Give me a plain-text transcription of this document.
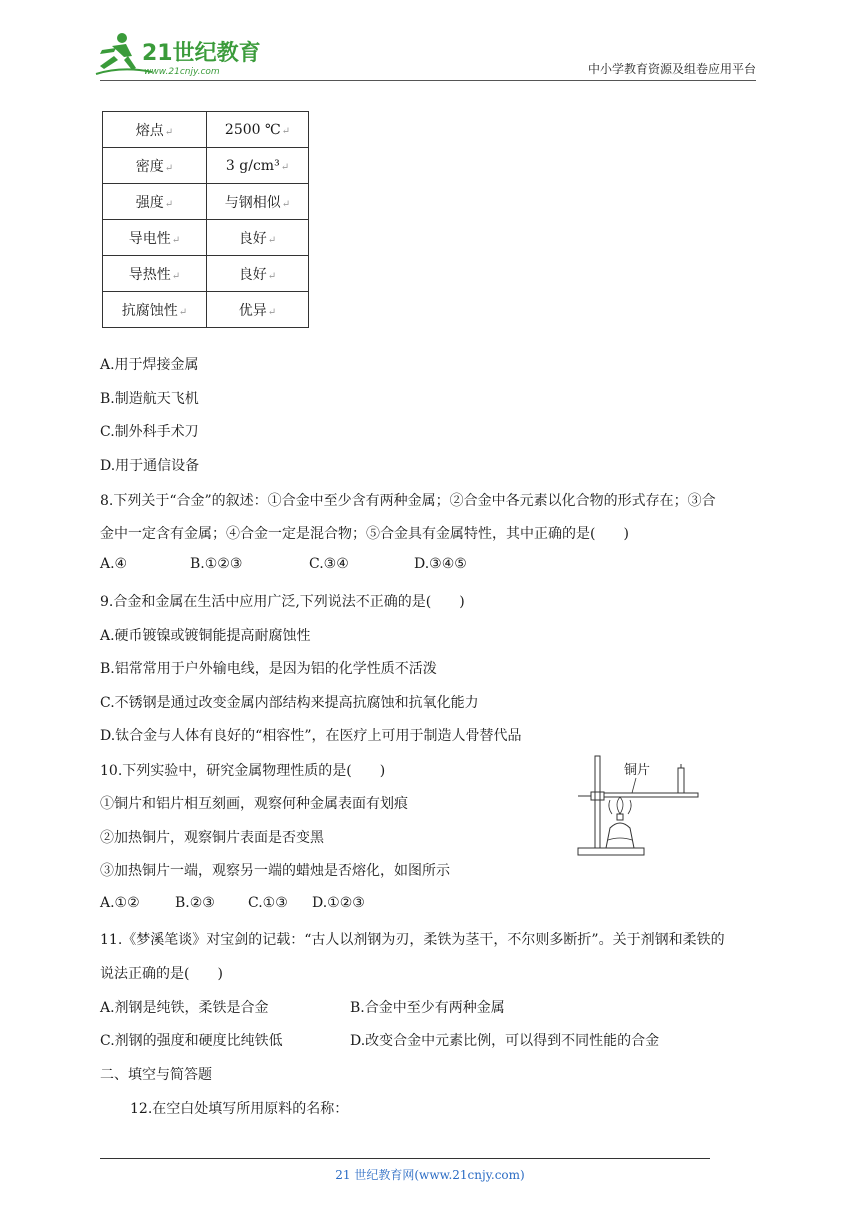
21世纪教育
www.21cnjy.com	中小学教育资源及组卷应用平台
熔点↵	2500 ℃↵
密度↵	3 g/cm³↵
强度↵	与钢相似↵
导电性↵	良好↵
导热性↵	良好↵
抗腐蚀性↵	优异↵
A.用于焊接金属
B.制造航天飞机
C.制外科手术刀
D.用于通信设备
8.下列关于“合金”的叙述：①合金中至少含有两种金属；②合金中各元素以化合物的形式存在；③合
金中一定含有金属；④合金一定是混合物；⑤合金具有金属特性，其中正确的是(　　)
A.④	B.①②③	C.③④	D.③④⑤
9.合金和金属在生活中应用广泛,下列说法不正确的是(　　)
A.硬币镀镍或镀铜能提高耐腐蚀性
B.铝常常用于户外输电线，是因为铝的化学性质不活泼
C.不锈钢是通过改变金属内部结构来提高抗腐蚀和抗氧化能力
D.钛合金与人体有良好的“相容性”，在医疗上可用于制造人骨替代品
10.下列实验中，研究金属物理性质的是(　　)
①铜片和铝片相互刻画，观察何种金属表面有划痕
②加热铜片，观察铜片表面是否变黑
③加热铜片一端，观察另一端的蜡烛是否熔化，如图所示
A.①②	B.②③ C.①③ D.①②③
铜片
11.《梦溪笔谈》对宝剑的记载：“古人以剂钢为刃，柔铁为茎干，不尔则多断折”。关于剂钢和柔铁的
说法正确的是(　　)
A.剂钢是纯铁，柔铁是合金	B.合金中至少有两种金属
C.剂钢的强度和硬度比纯铁低	D.改变合金中元素比例，可以得到不同性能的合金
二、填空与简答题
12.在空白处填写所用原料的名称：
21 世纪教育网(www.21cnjy.com)
